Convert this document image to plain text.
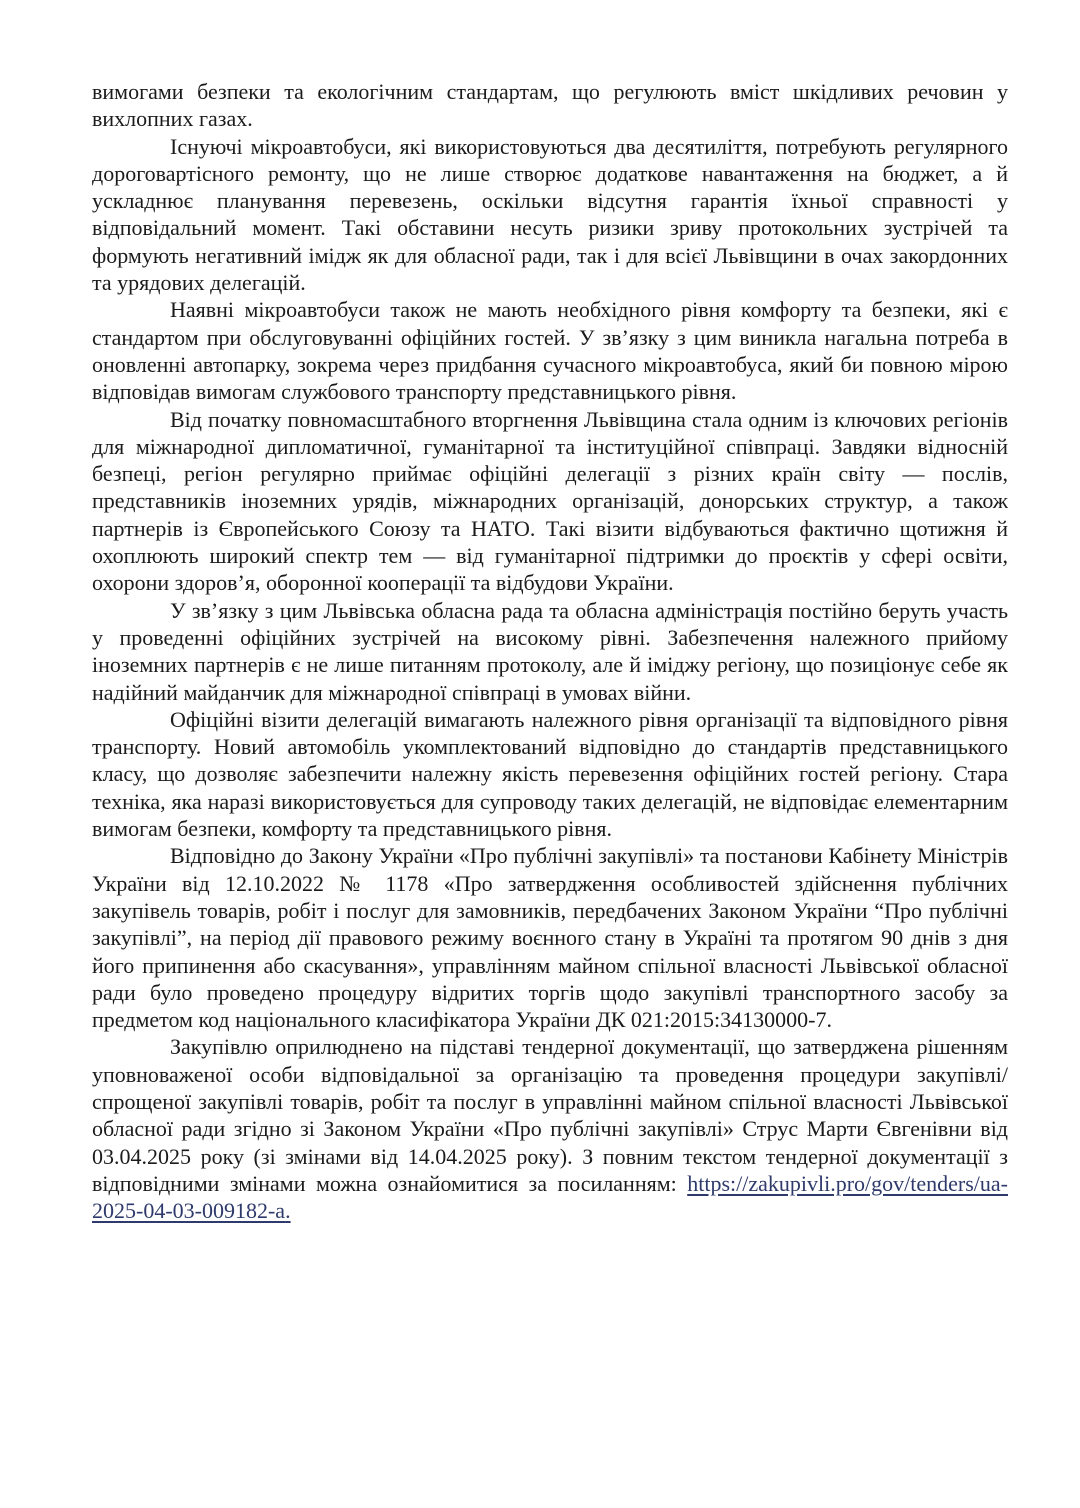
вимогами безпеки та екологічним стандартам, що регулюють вміст шкідливих речовин у вихлопних газах.

Існуючі мікроавтобуси, які використовуються два десятиліття, потребують регулярного дороговартісного ремонту, що не лише створює додаткове навантаження на бюджет, а й ускладнює планування перевезень, оскільки відсутня гарантія їхньої справності у відповідальний момент. Такі обставини несуть ризики зриву протокольних зустрічей та формують негативний імідж як для обласної ради, так і для всієї Львівщини в очах закордонних та урядових делегацій.

Наявні мікроавтобуси також не мають необхідного рівня комфорту та безпеки, які є стандартом при обслуговуванні офіційних гостей. У зв’язку з цим виникла нагальна потреба в оновленні автопарку, зокрема через придбання сучасного мікроавтобуса, який би повною мірою відповідав вимогам службового транспорту представницького рівня.

Від початку повномасштабного вторгнення Львівщина стала одним із ключових регіонів для міжнародної дипломатичної, гуманітарної та інституційної співпраці. Завдяки відносній безпеці, регіон регулярно приймає офіційні делегації з різних країн світу — послів, представників іноземних урядів, міжнародних організацій, донорських структур, а також партнерів із Європейського Союзу та НАТО. Такі візити відбуваються фактично щотижня й охоплюють широкий спектр тем — від гуманітарної підтримки до проєктів у сфері освіти, охорони здоров’я, оборонної кооперації та відбудови України.

У зв’язку з цим Львівська обласна рада та обласна адміністрація постійно беруть участь у проведенні офіційних зустрічей на високому рівні. Забезпечення належного прийому іноземних партнерів є не лише питанням протоколу, але й іміджу регіону, що позиціонує себе як надійний майданчик для міжнародної співпраці в умовах війни.

Офіційні візити делегацій вимагають належного рівня організації та відповідного рівня транспорту. Новий автомобіль укомплектований відповідно до стандартів представницького класу, що дозволяє забезпечити належну якість перевезення офіційних гостей регіону. Стара техніка, яка наразі використовується для супроводу таких делегацій, не відповідає елементарним вимогам безпеки, комфорту та представницького рівня.

Відповідно до Закону України «Про публічні закупівлі» та постанови Кабінету Міністрів України від 12.10.2022 № 1178 «Про затвердження особливостей здійснення публічних закупівель товарів, робіт і послуг для замовників, передбачених Законом України “Про публічні закупівлі”, на період дії правового режиму воєнного стану в Україні та протягом 90 днів з дня його припинення або скасування», управлінням майном спільної власності Львівської обласної ради було проведено процедуру відритих торгів щодо закупівлі транспортного засобу за предметом код національного класифікатора України ДК 021:2015:34130000-7.

Закупівлю оприлюднено на підставі тендерної документації, що затверджена рішенням уповноваженої особи відповідальної за організацію та проведення процедури закупівлі/спрощеної закупівлі товарів, робіт та послуг в управлінні майном спільної власності Львівської обласної ради згідно зі Законом України «Про публічні закупівлі» Струс Марти Євгенівни від 03.04.2025 року (зі змінами від 14.04.2025 року). З повним текстом тендерної документації з відповідними змінами можна ознайомитися за посиланням: https://zakupivli.pro/gov/tenders/ua-2025-04-03-009182-a.
